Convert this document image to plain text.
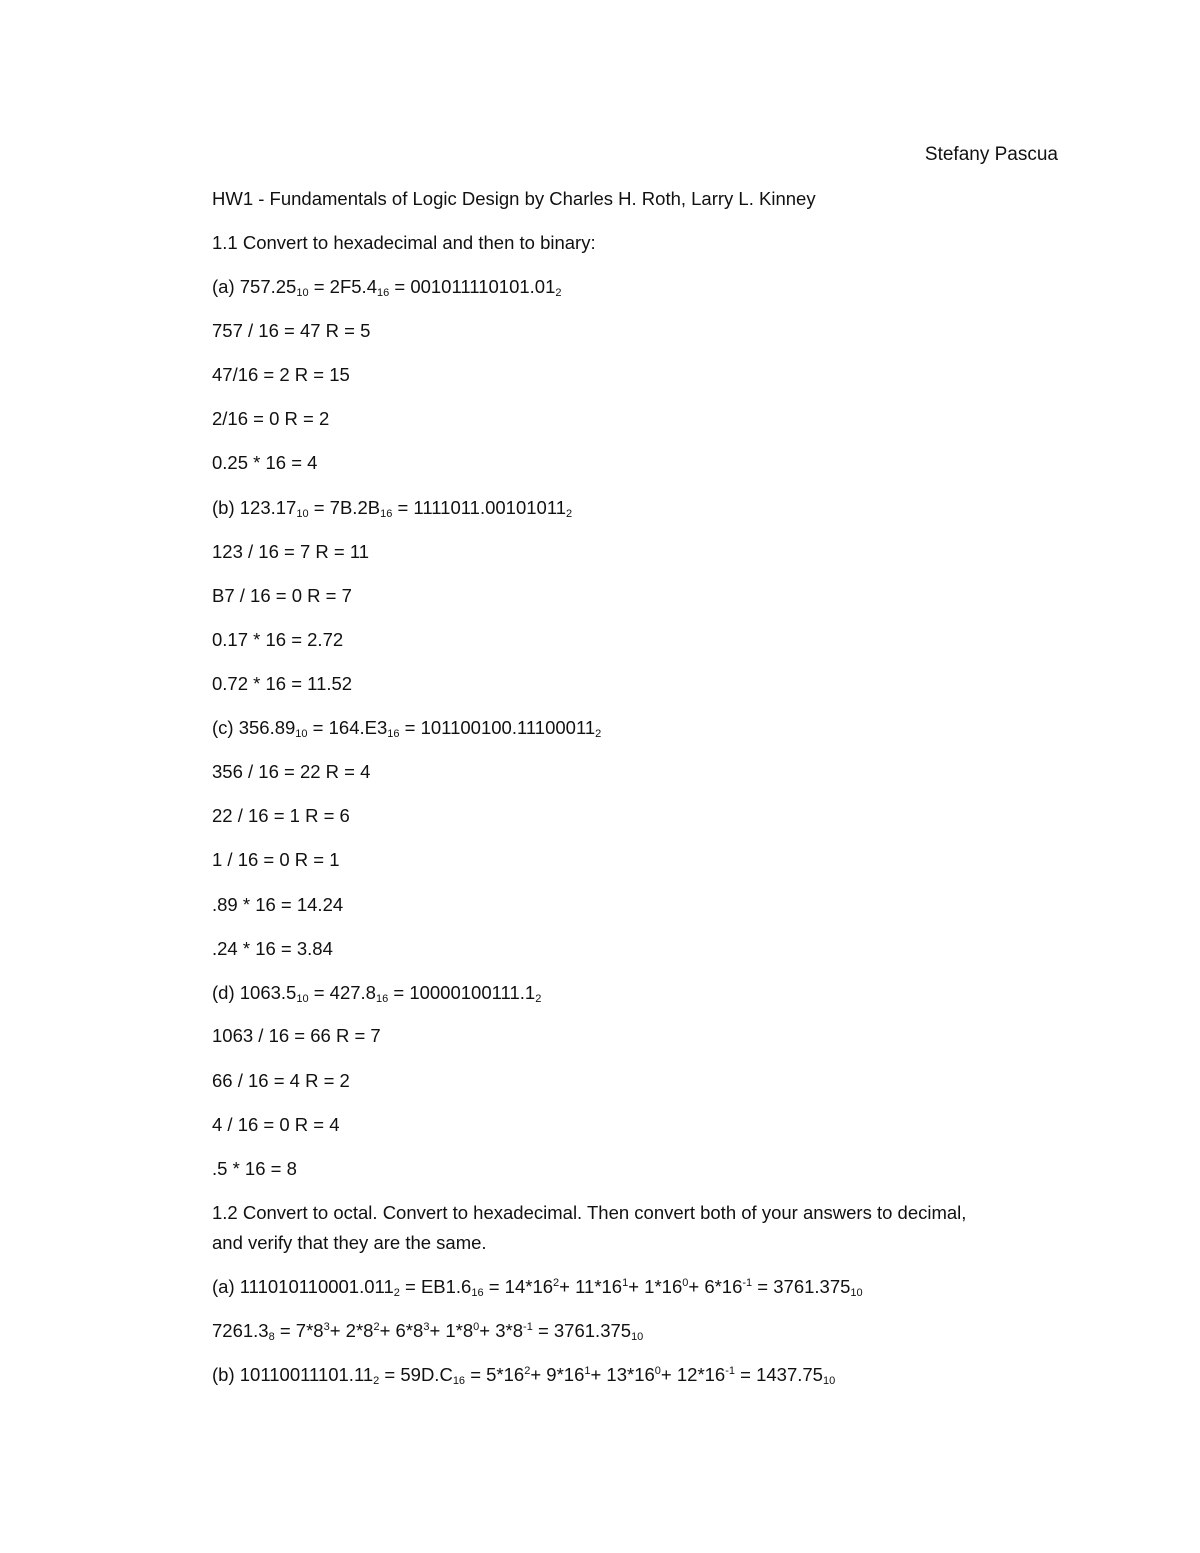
Stefany Pascua
HW1 - Fundamentals of Logic Design by Charles H. Roth, Larry L. Kinney
1.1 Convert to hexadecimal and then to binary:
(a) $757.25_{10} = 2F5.4_{16} = 001011110101.01_2$
757 / 16 = 47 R = 5
47/16 = 2 R = 15
2/16 = 0 R = 2
0.25 * 16 = 4
(b) $123.17_{10} = 7B.2B_{16} = 1111011.00101011_2$
123 / 16 = 7 R = 11
B7 / 16 = 0 R = 7
0.17 * 16 = 2.72
0.72 * 16 = 11.52
(c) $356.89_{10} = 164.E3_{16} = 101100100.11100011_2$
356 / 16 = 22 R = 4
22 / 16 = 1 R = 6
1 / 16 = 0 R = 1
.89 * 16 = 14.24
.24 * 16 = 3.84
(d) $1063.5_{10} = 427.8_{16} = 10000100111.1_2$
1063 / 16 = 66 R = 7
66 / 16 = 4 R = 2
4 / 16 = 0 R = 4
.5 * 16 = 8
1.2 Convert to octal. Convert to hexadecimal. Then convert both of your answers to decimal,
and verify that they are the same.
(a) $111010110001.011_2 = EB1.6_{16} = 14*16^2+ 11*16^1+ 1*16^0+ 6*16^{-1} = 3761.375_{10}$
$7261.3_8 = 7*8^3+ 2*8^2+ 6*8^3+ 1*8^0+ 3*8^{-1} = 3761.375_{10}$
(b) $10110011101.11_2 = 59D.C_{16} = 5*16^2+ 9*16^1+ 13*16^0+ 12*16^{-1} = 1437.75_{10}$
